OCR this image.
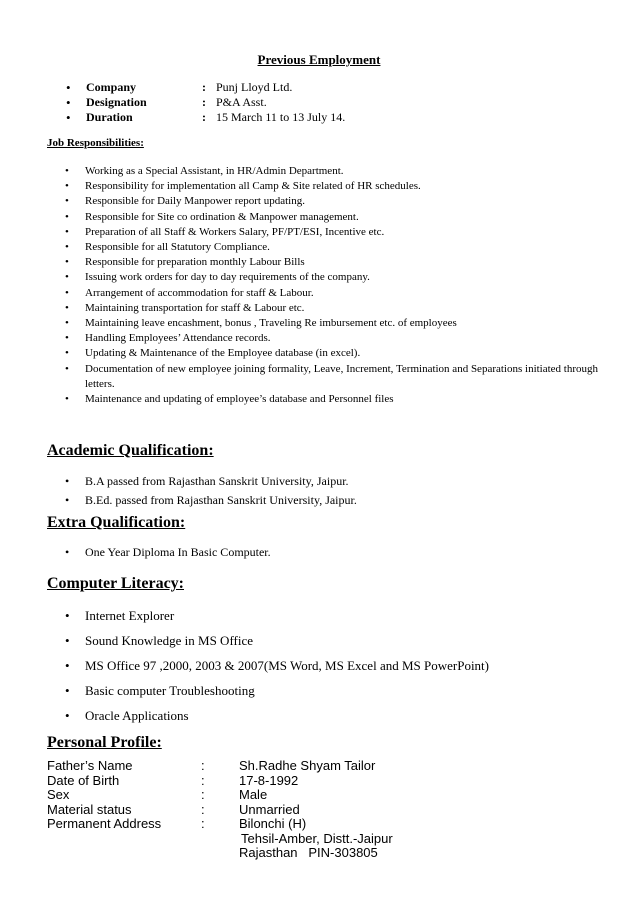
Previous Employment
• Company	: Punj Lloyd Ltd.
• Designation	: P&A Asst.
• Duration	: 15 March 11 to 13 July 14.
Job Responsibilities:
• Working as a Special Assistant, in HR/Admin Department.
• Responsibility for implementation all Camp & Site related of HR schedules.
• Responsible for Daily Manpower report updating.
• Responsible for Site co ordination & Manpower management.
• Preparation of all Staff & Workers Salary, PF/PT/ESI, Incentive etc.
• Responsible for all Statutory Compliance.
• Responsible for preparation monthly Labour Bills
• Issuing work orders for day to day requirements of the company.
• Arrangement of accommodation for staff & Labour.
• Maintaining transportation for staff & Labour etc.
• Maintaining leave encashment, bonus , Traveling Re imbursement etc. of employees
• Handling Employees’ Attendance records.
• Updating & Maintenance of the Employee database (in excel).
• Documentation of new employee joining formality, Leave, Increment, Termination and Separations initiated through letters.
• Maintenance and updating of employee’s database and Personnel files
Academic Qualification:
• B.A passed from Rajasthan Sanskrit University, Jaipur.
• B.Ed. passed from Rajasthan Sanskrit University, Jaipur.
Extra Qualification:
• One Year Diploma In Basic Computer.
Computer Literacy:
• Internet Explorer
• Sound Knowledge in MS Office
• MS Office 97 ,2000, 2003 & 2007(MS Word, MS Excel and MS PowerPoint)
• Basic computer Troubleshooting
• Oracle Applications
Personal Profile:
Father’s Name	:	Sh.Radhe Shyam Tailor
Date of Birth	:	17-8-1992
Sex	:	Male
Material status	:	Unmarried
Permanent Address	:	Bilonchi (H)
Tehsil-Amber, Distt.-Jaipur
Rajasthan   PIN-303805
